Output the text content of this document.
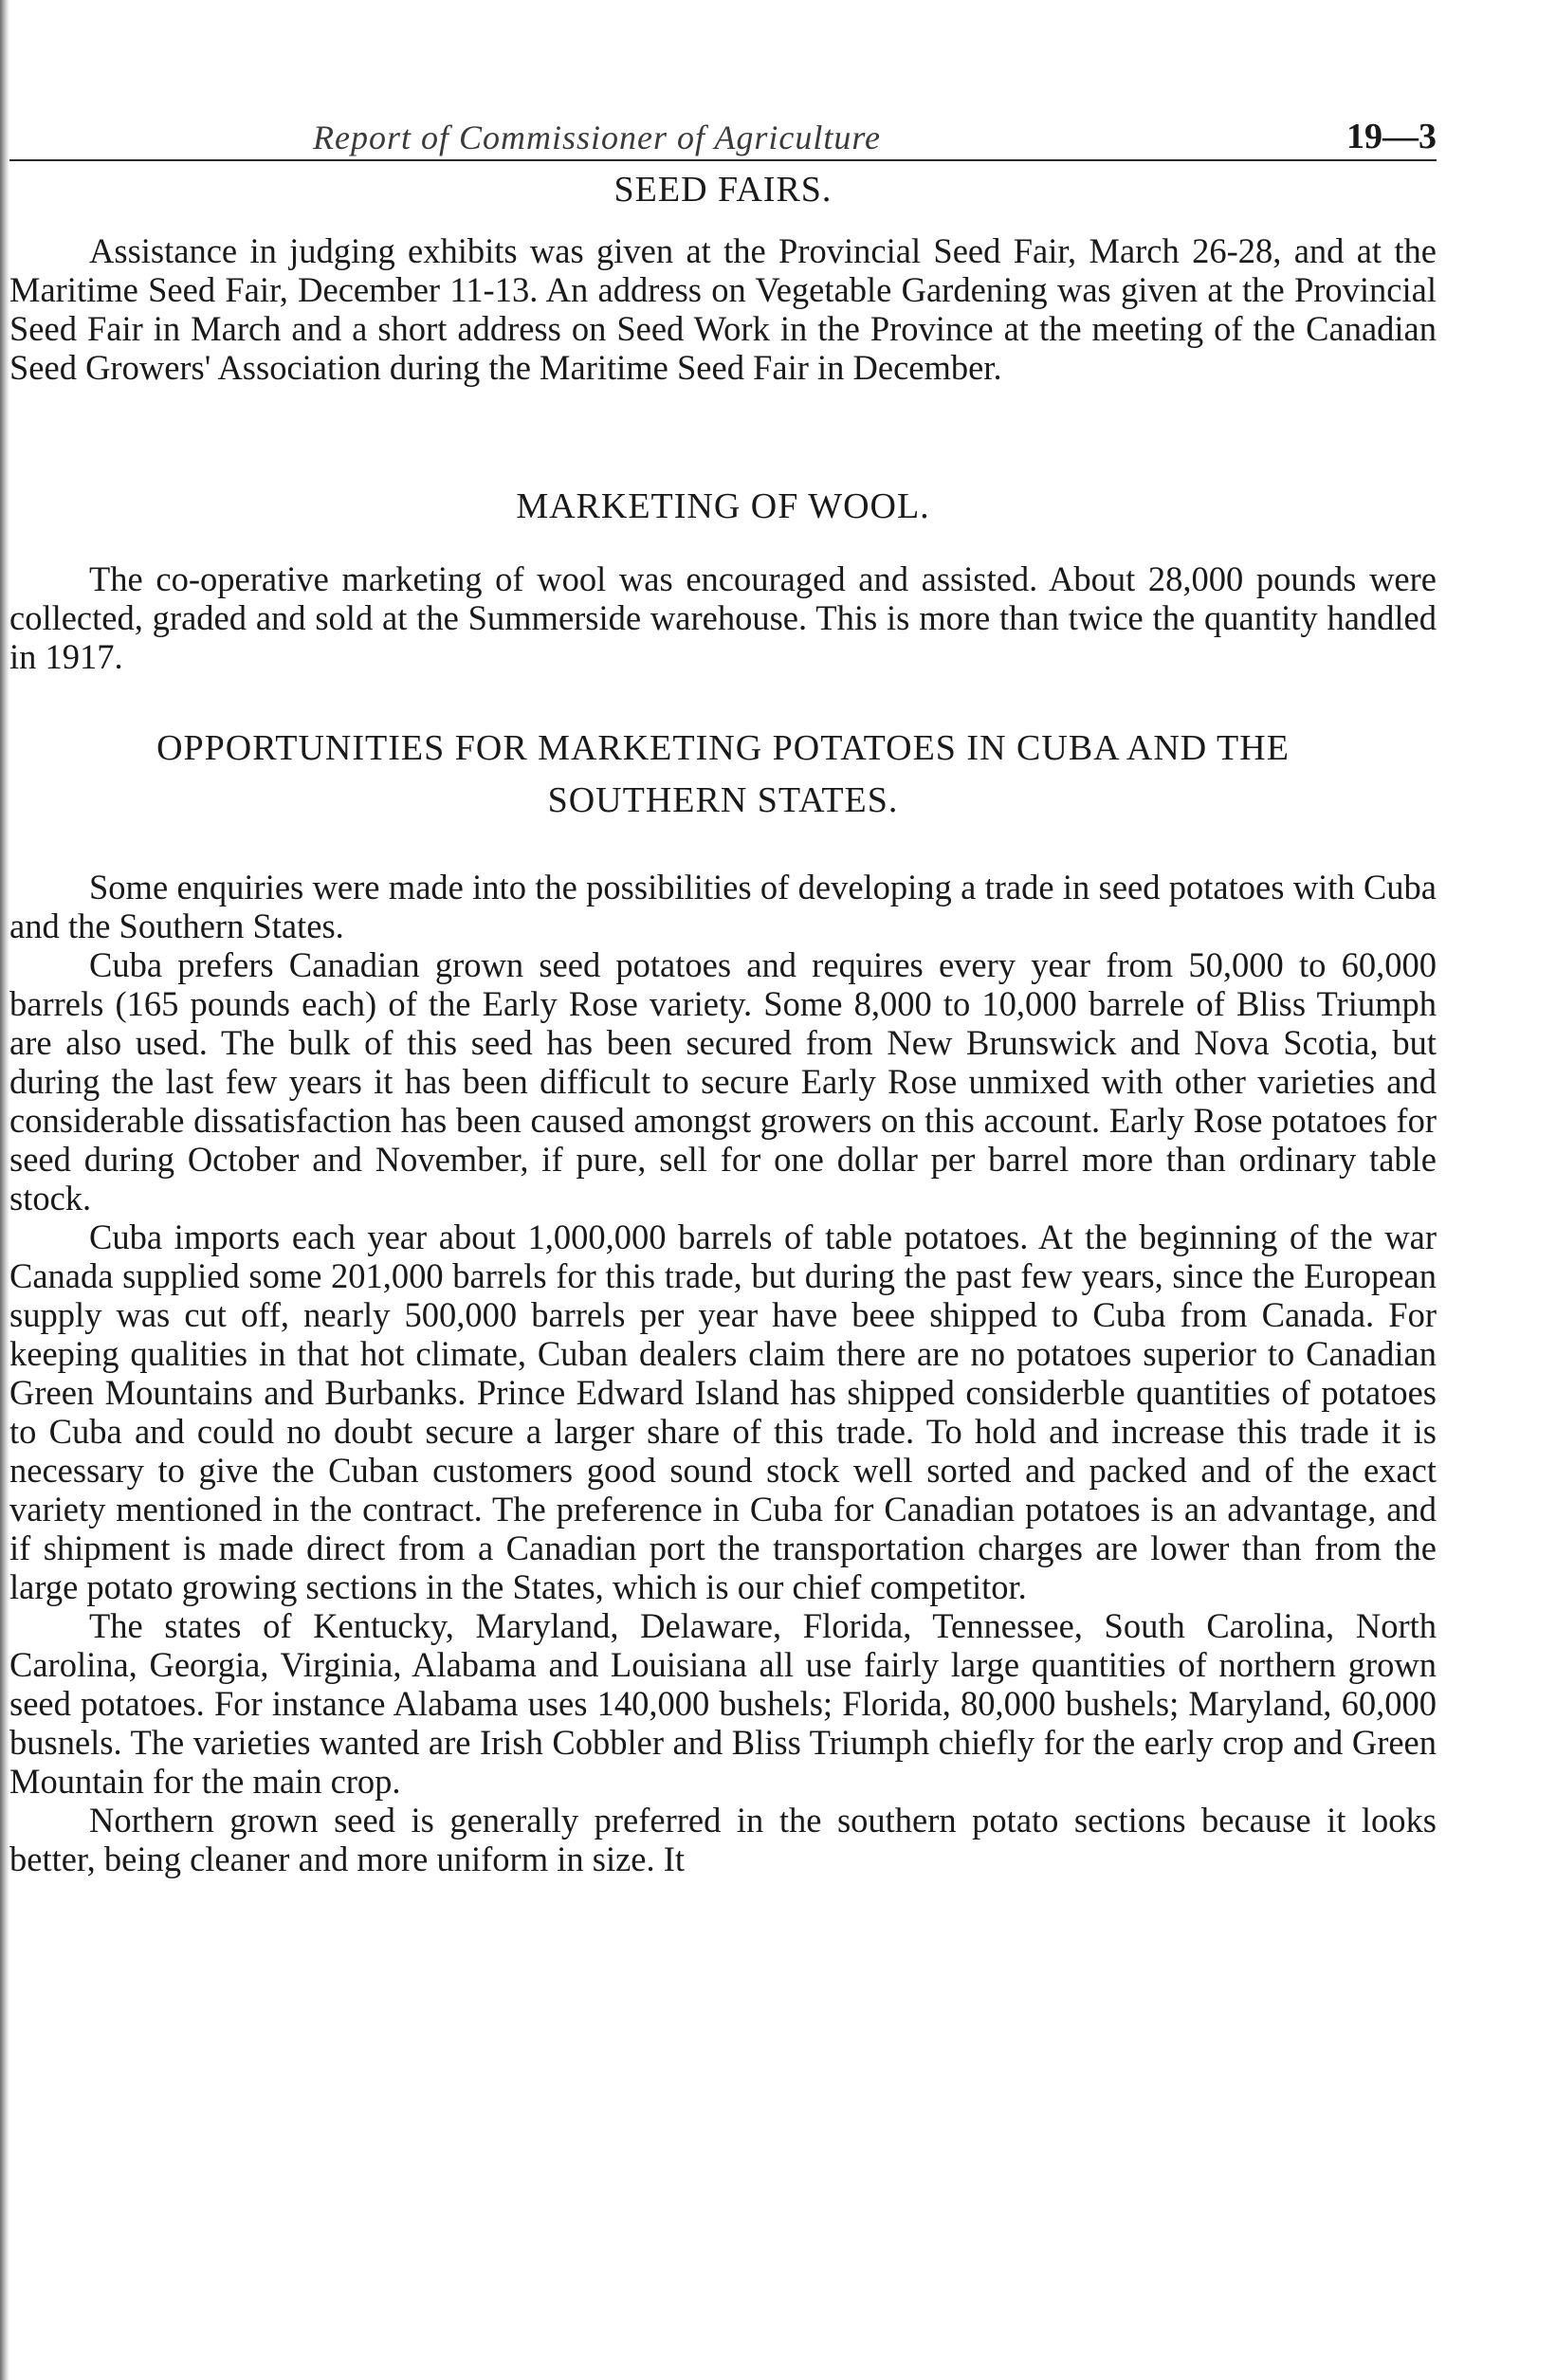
Report of Commissioner of Agriculture	19—3
SEED FAIRS.

Assistance in judging exhibits was given at the Provincial Seed Fair, March 26-28, and at the Maritime Seed Fair, December 11-13. An address on Vegetable Gardening was given at the Provincial Seed Fair in March and a short address on Seed Work in the Province at the meeting of the Canadian Seed Growers' Association during the Maritime Seed Fair in December.

MARKETING OF WOOL.

The co-operative marketing of wool was encouraged and assisted. About 28,000 pounds were collected, graded and sold at the Summerside warehouse. This is more than twice the quantity handled in 1917.

OPPORTUNITIES FOR MARKETING POTATOES IN CUBA AND THE
SOUTHERN STATES.

Some enquiries were made into the possibilities of developing a trade in seed potatoes with Cuba and the Southern States.

Cuba prefers Canadian grown seed potatoes and requires every year from 50,000 to 60,000 barrels (165 pounds each) of the Early Rose variety. Some 8,000 to 10,000 barrele of Bliss Triumph are also used. The bulk of this seed has been secured from New Brunswick and Nova Scotia, but during the last few years it has been difficult to secure Early Rose unmixed with other varieties and considerable dissatisfaction has been caused amongst growers on this account. Early Rose potatoes for seed during October and November, if pure, sell for one dollar per barrel more than ordinary table stock.

Cuba imports each year about 1,000,000 barrels of table potatoes. At the beginning of the war Canada supplied some 201,000 barrels for this trade, but during the past few years, since the European supply was cut off, nearly 500,000 barrels per year have beee shipped to Cuba from Canada. For keeping qualities in that hot climate, Cuban dealers claim there are no potatoes superior to Canadian Green Mountains and Burbanks. Prince Edward Island has shipped considerble quantities of potatoes to Cuba and could no doubt secure a larger share of this trade. To hold and increase this trade it is necessary to give the Cuban customers good sound stock well sorted and packed and of the exact variety mentioned in the contract. The preference in Cuba for Canadian potatoes is an advantage, and if shipment is made direct from a Canadian port the transportation charges are lower than from the large potato growing sections in the States, which is our chief competitor.

The states of Kentucky, Maryland, Delaware, Florida, Tennessee, South Carolina, North Carolina, Georgia, Virginia, Alabama and Louisiana all use fairly large quantities of northern grown seed potatoes. For instance Alabama uses 140,000 bushels; Florida, 80,000 bushels; Maryland, 60,000 busnels. The varieties wanted are Irish Cobbler and Bliss Triumph chiefly for the early crop and Green Mountain for the main crop.

Northern grown seed is generally preferred in the southern potato sections because it looks better, being cleaner and more uniform in size. It
